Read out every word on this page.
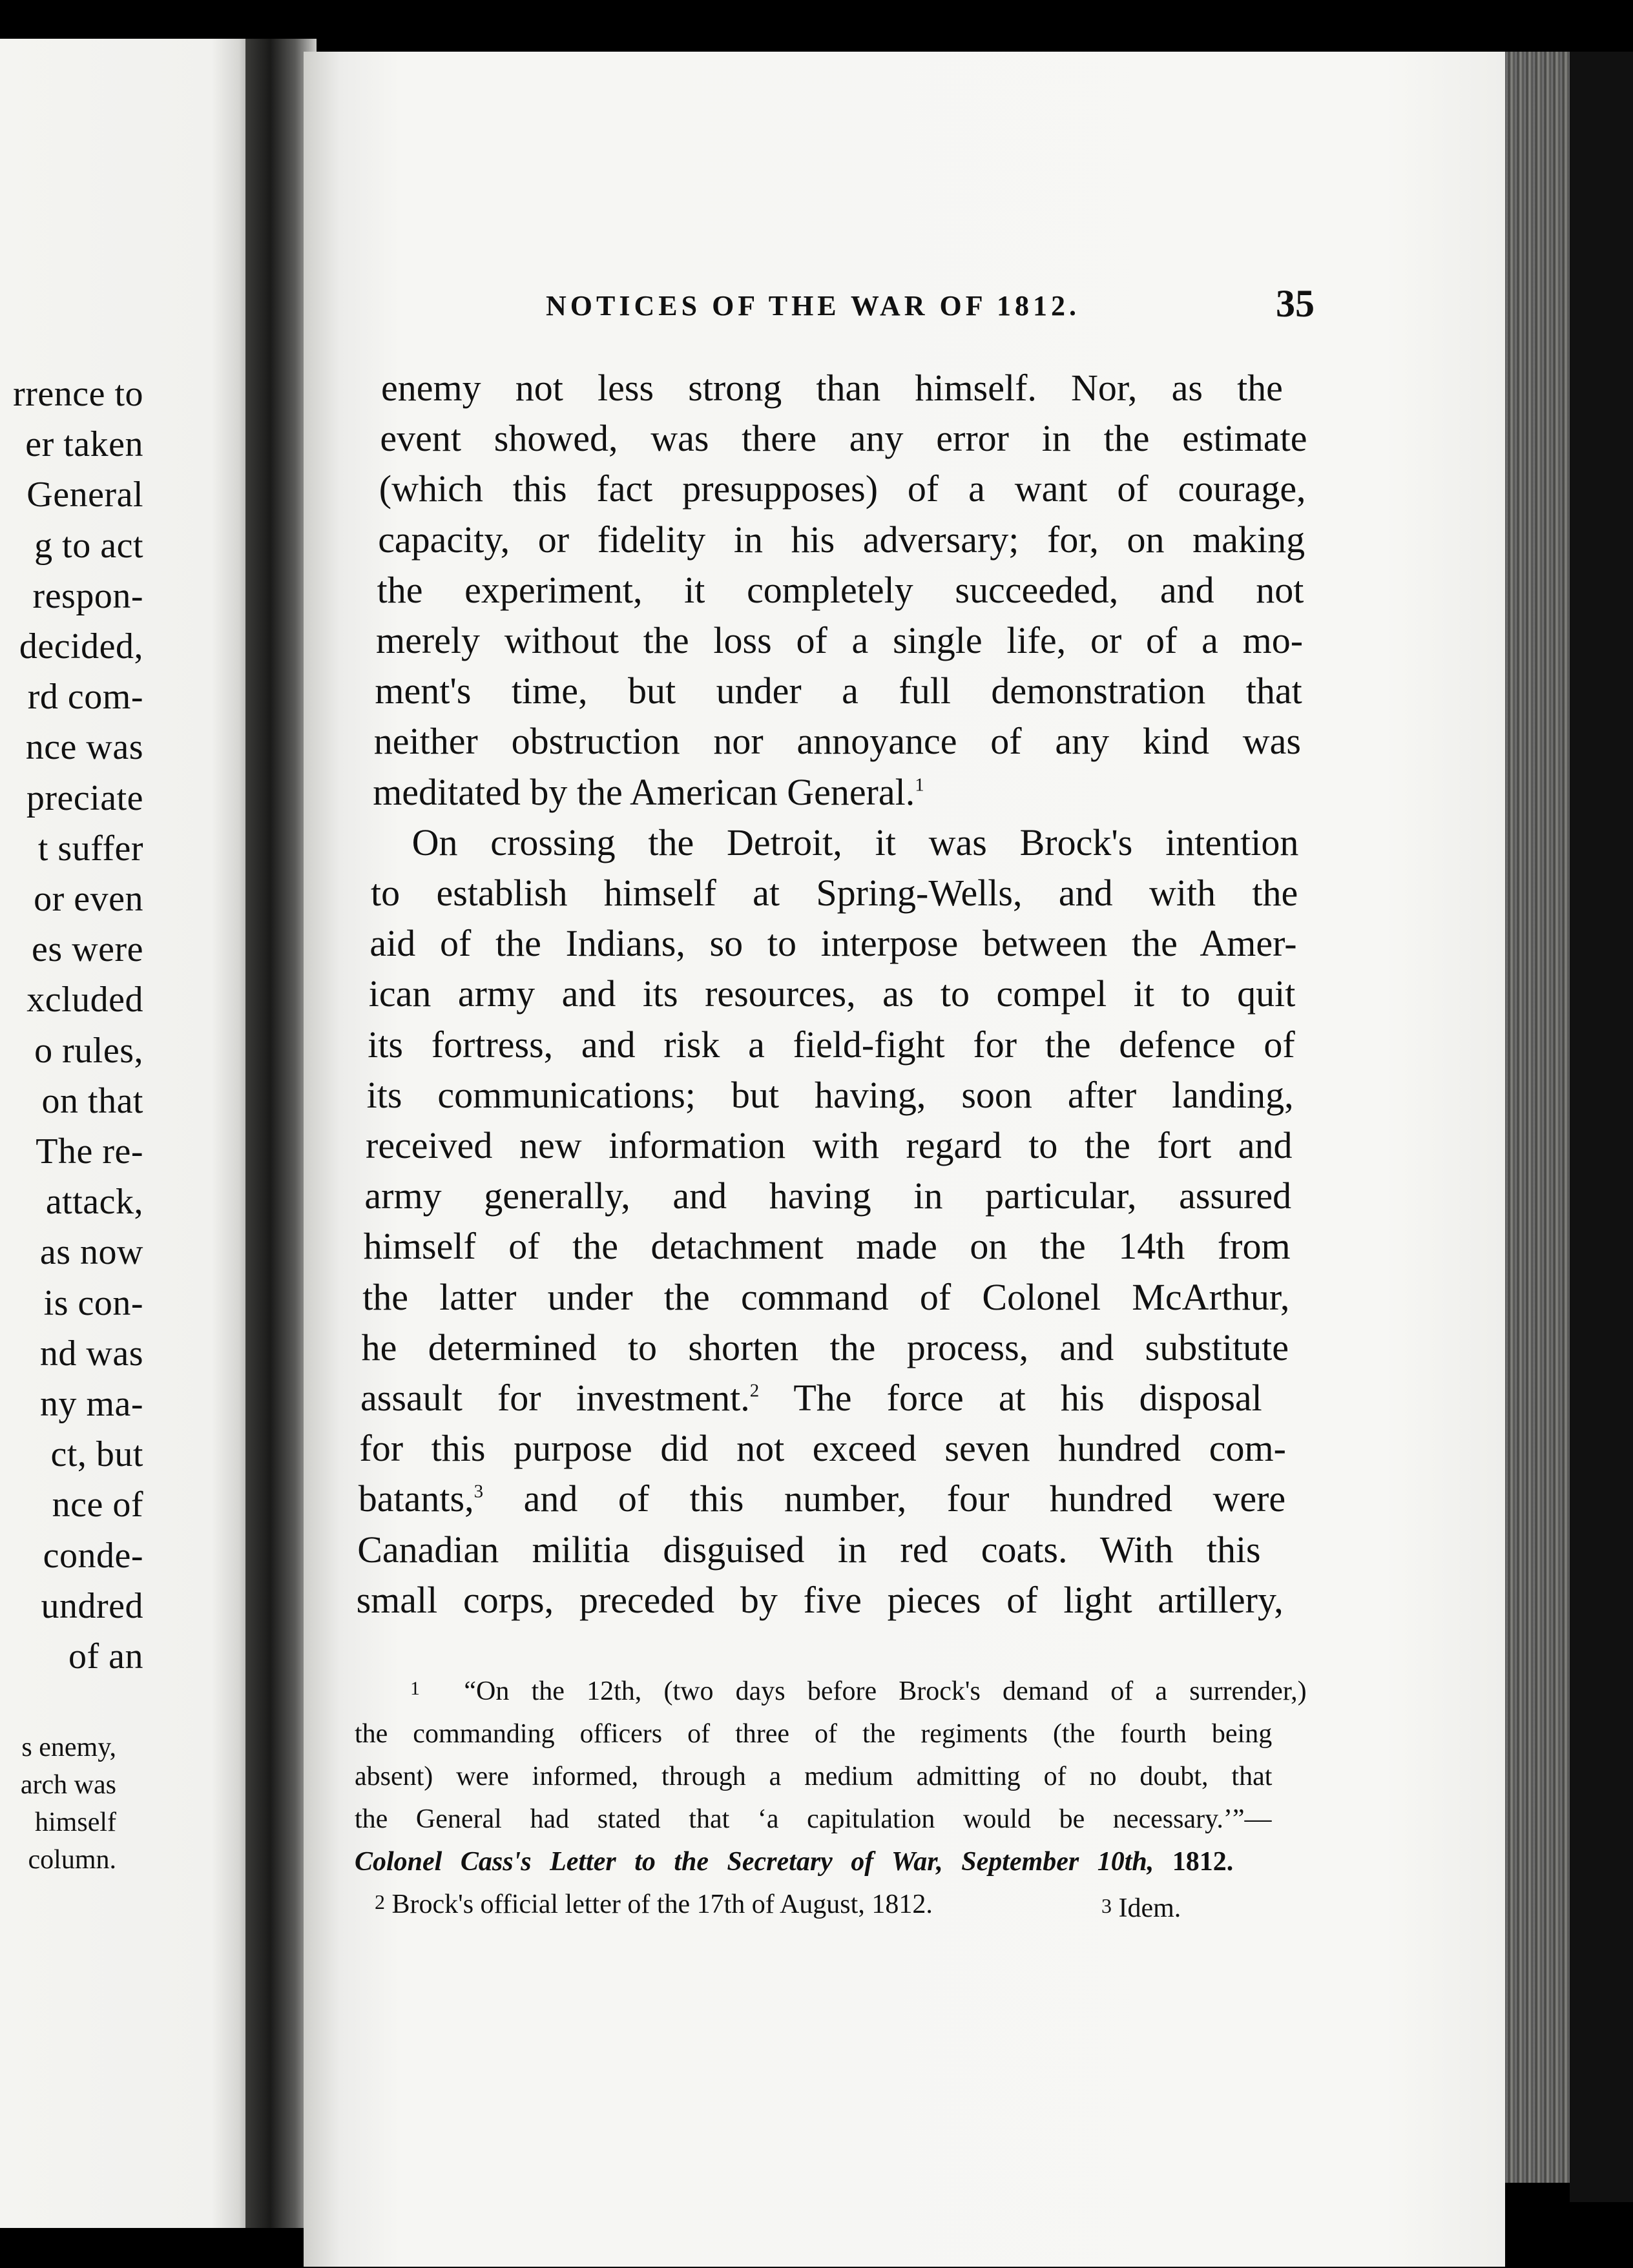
rrence to
er taken
General
g to act
respon-
decided,
rd com-
nce was
preciate
t suffer
or even
es were
xcluded
o rules,
on that
The re-
attack,
as now
is con-
nd was
ny ma-
ct, but
nce of
conde-
undred
of an
s enemy,
arch was
himself
column.
NOTICES OF THE WAR OF 1812.	35
enemy not less strong than himself. Nor, as the
event showed, was there any error in the estimate
(which this fact presupposes) of a want of courage,
capacity, or fidelity in his adversary; for, on making
the experiment, it completely succeeded, and not
merely without the loss of a single life, or of a mo-
ment's time, but under a full demonstration that
neither obstruction nor annoyance of any kind was
meditated by the American General.$^1$
On crossing the Detroit, it was Brock's intention
to establish himself at Spring-Wells, and with the
aid of the Indians, so to interpose between the Amer-
ican army and its resources, as to compel it to quit
its fortress, and risk a field-fight for the defence of
its communications; but having, soon after landing,
received new information with regard to the fort and
army generally, and having in particular, assured
himself of the detachment made on the 14th from
the latter under the command of Colonel McArthur,
he determined to shorten the process, and substitute
assault for investment.$^2$ The force at his disposal
for this purpose did not exceed seven hundred com-
batants,$^3$ and of this number, four hundred were
Canadian militia disguised in red coats. With this
small corps, preceded by five pieces of light artillery,
1 “On the 12th, (two days before Brock's demand of a surrender,)
the commanding officers of three of the regiments (the fourth being
absent) were informed, through a medium admitting of no doubt, that
the General had stated that ‘a capitulation would be necessary.’”—
Colonel Cass's Letter to the Secretary of War, September 10th, 1812.
2 Brock's official letter of the 17th of August, 1812.	3 Idem.
